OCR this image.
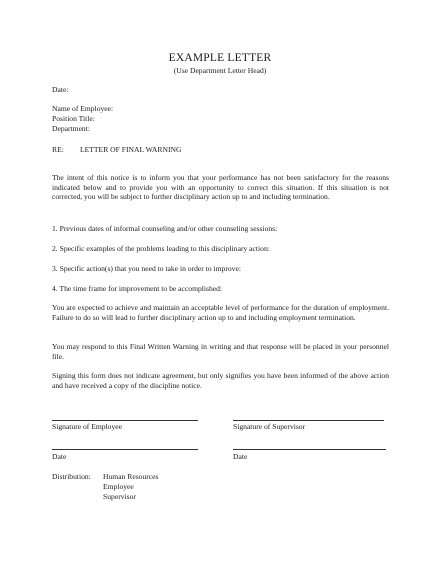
EXAMPLE LETTER
(Use Department Letter Head)
Date:
Name of Employee:
Position Title:
Department:
RE: LETTER OF FINAL WARNING
The intent of this notice is to inform you that your performance has not been satisfactory for the reasons indicated below and to provide you with an opportunity to correct this situation. If this situation is not corrected, you will be subject to further disciplinary action up to and including termination.
1. Previous dates of informal counseling and/or other counseling sessions:
2. Specific examples of the problems leading to this disciplinary action:
3. Specific action(s) that you need to take in order to improve:
4. The time frame for improvement to be accomplished:
You are expected to achieve and maintain an acceptable level of performance for the duration of employment. Failure to do so will lead to further disciplinary action up to and including employment termination.
You may respond to this Final Written Warning in writing and that response will be placed in your personnel file.
Signing this form does not indicate agreement, but only signifies you have been informed of the above action and have received a copy of the discipline notice.
Signature of Employee	Signature of Supervisor
Date	Date
Distribution: Human Resources
Employee
Supervisor
